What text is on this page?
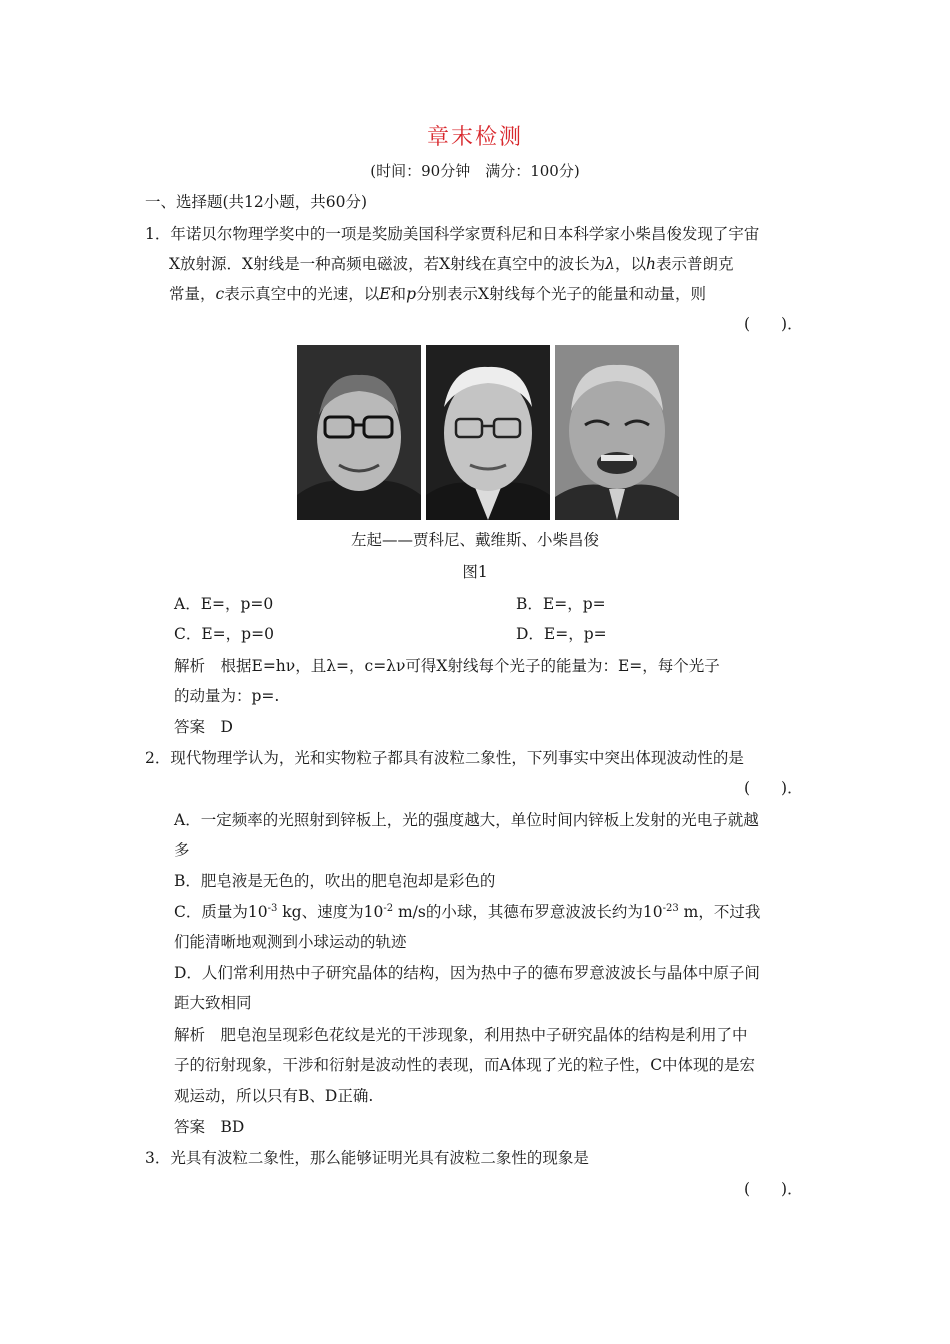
章末检测
(时间：90分钟　满分：100分)
一、选择题(共12小题，共60分)
1．年诺贝尔物理学奖中的一项是奖励美国科学家贾科尼和日本科学家小柴昌俊发现了宇宙
X放射源．X射线是一种高频电磁波，若X射线在真空中的波长为λ，以h表示普朗克
常量，c表示真空中的光速，以E和p分别表示X射线每个光子的能量和动量，则
(　　)．
左起——贾科尼、戴维斯、小柴昌俊
图1
A．E=，p=0	B．E=，p=
C．E=，p=0	D．E=，p=
解析　根据E=hν，且λ=，c=λν可得X射线每个光子的能量为：E=，每个光子
的动量为：p=.
答案　D
2．现代物理学认为，光和实物粒子都具有波粒二象性，下列事实中突出体现波动性的是
(　　)．
A．一定频率的光照射到锌板上，光的强度越大，单位时间内锌板上发射的光电子就越
多
B．肥皂液是无色的，吹出的肥皂泡却是彩色的
C．质量为$10^{-3}$ kg、速度为$10^{-2}$ m/s的小球，其德布罗意波波长约为$10^{-23}$ m，不过我
们能清晰地观测到小球运动的轨迹
D．人们常利用热中子研究晶体的结构，因为热中子的德布罗意波波长与晶体中原子间
距大致相同
解析　肥皂泡呈现彩色花纹是光的干涉现象，利用热中子研究晶体的结构是利用了中
子的衍射现象，干涉和衍射是波动性的表现，而A体现了光的粒子性，C中体现的是宏
观运动，所以只有B、D正确.
答案　BD
3．光具有波粒二象性，那么能够证明光具有波粒二象性的现象是
(　　)．
